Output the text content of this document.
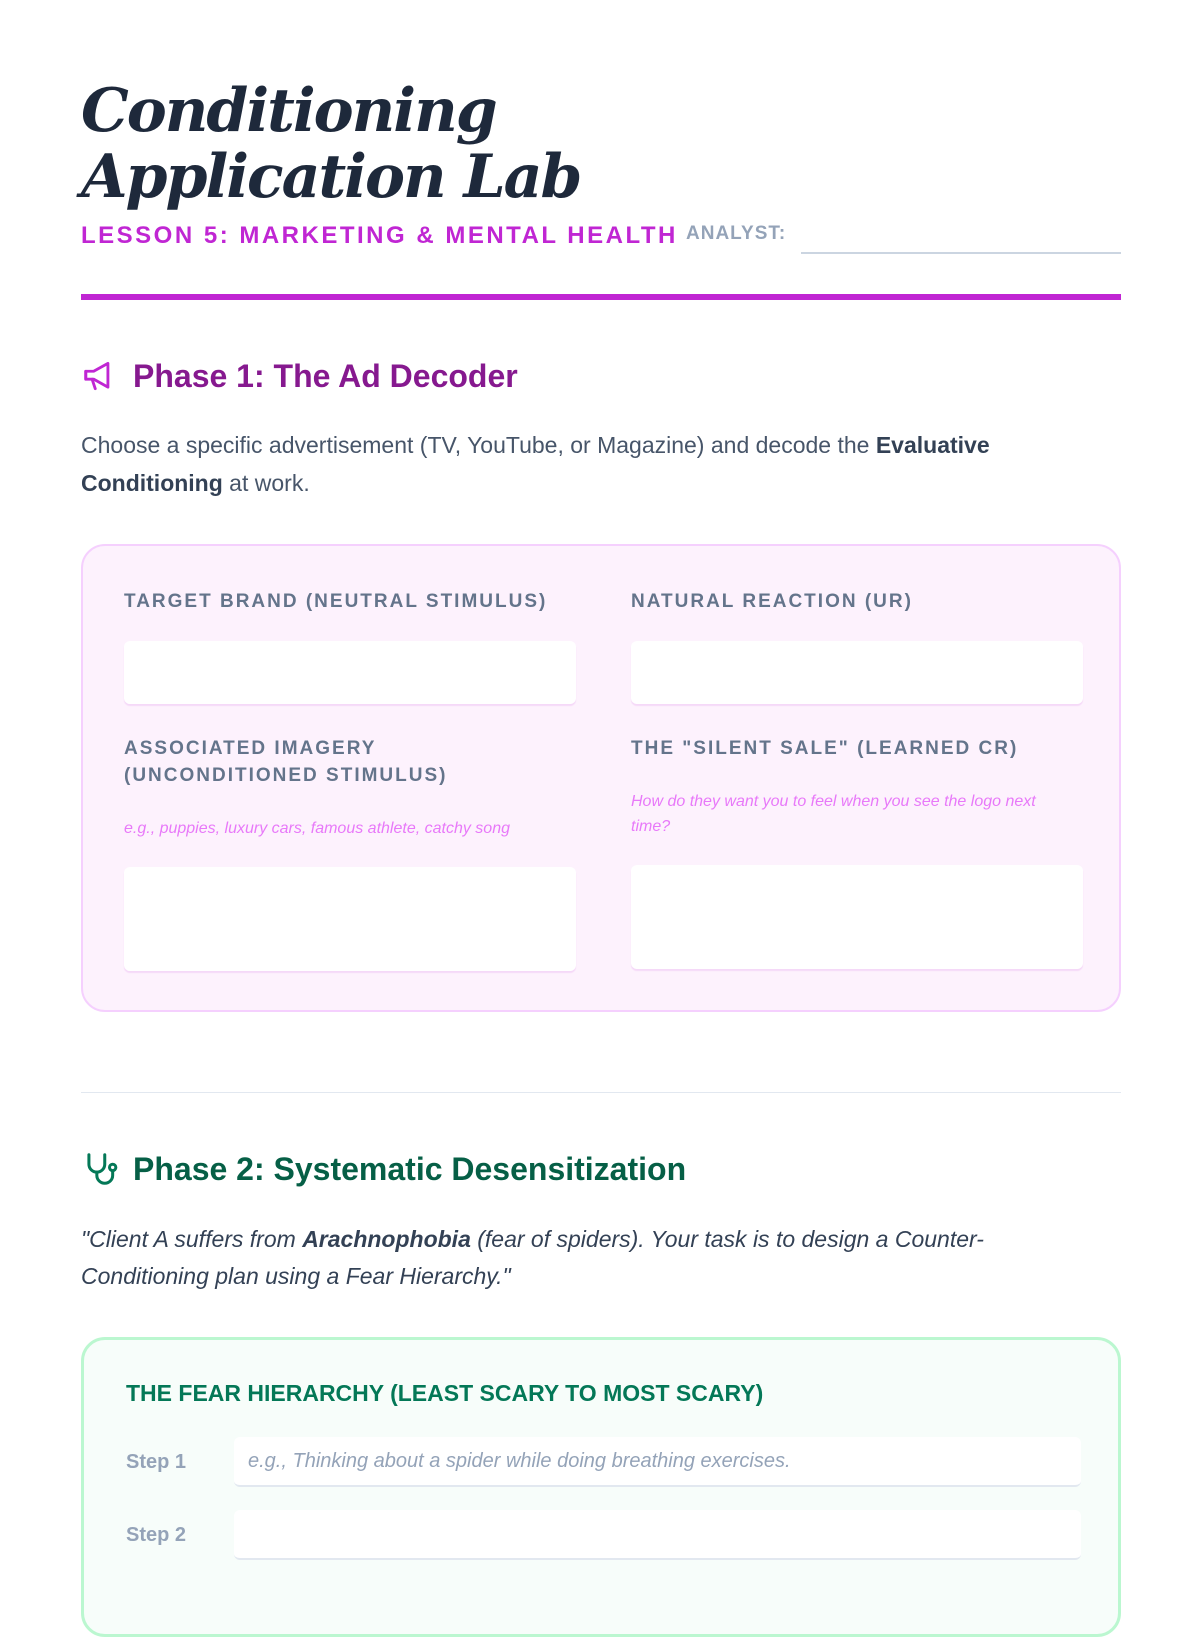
Conditioning
Application Lab
LESSON 5: MARKETING & MENTAL HEALTH ANALYST:
Phase 1: The Ad Decoder
Choose a specific advertisement (TV, YouTube, or Magazine) and decode the Evaluative Conditioning at work.
TARGET BRAND (NEUTRAL STIMULUS)	NATURAL REACTION (UR)
ASSOCIATED IMAGERY
(UNCONDITIONED STIMULUS)
e.g., puppies, luxury cars, famous athlete, catchy song
THE "SILENT SALE" (LEARNED CR)
How do they want you to feel when you see the logo next
time?
Phase 2: Systematic Desensitization
"Client A suffers from Arachnophobia (fear of spiders). Your task is to design a Counter-
Conditioning plan using a Fear Hierarchy."
THE FEAR HIERARCHY (LEAST SCARY TO MOST SCARY)
Step 1
e.g., Thinking about a spider while doing breathing exercises.
Step 2
